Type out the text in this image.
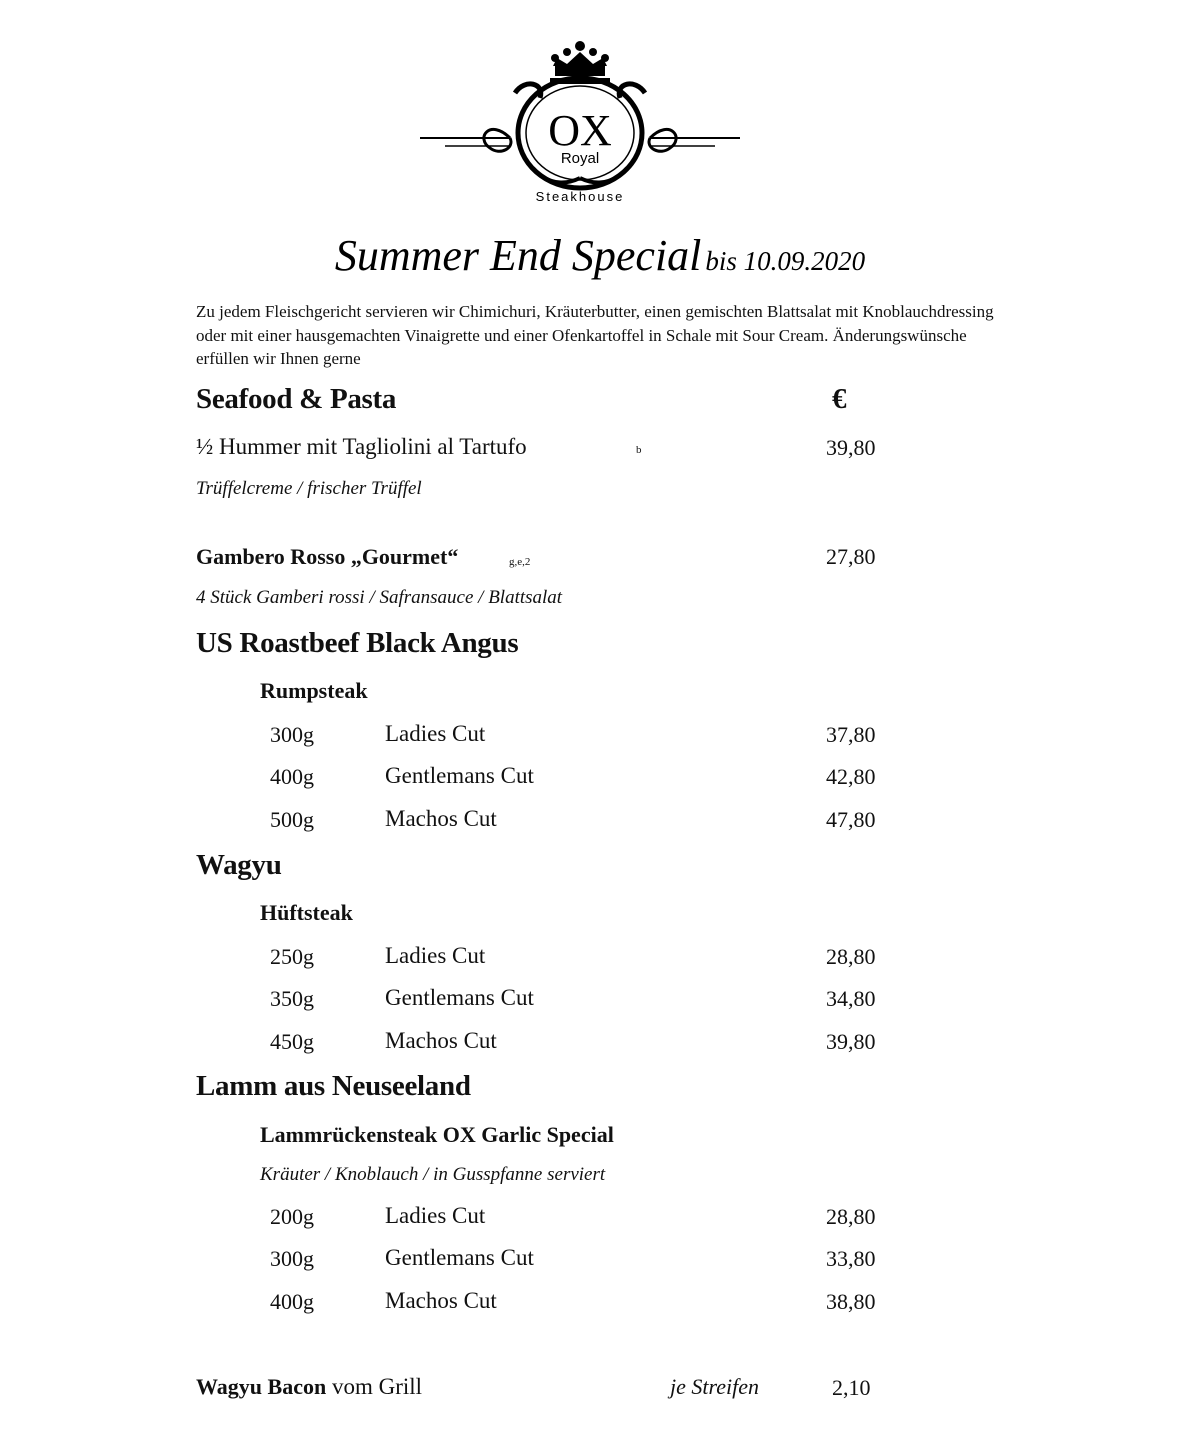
OX
Royal
Steakhouse
Summer End Special bis 10.09.2020
Zu jedem Fleischgericht servieren wir Chimichuri, Kräuterbutter, einen gemischten Blattsalat mit Knoblauchdressing oder mit einer hausgemachten Vinaigrette und einer Ofenkartoffel in Schale mit Sour Cream. Änderungswünsche erfüllen wir Ihnen gerne
Seafood & Pasta	€
½ Hummer mit Tagliolini al Tartufo	b	39,80
Trüffelcreme / frischer Trüffel
Gambero Rosso „Gourmet“	g,e,2	27,80
4 Stück Gamberi rossi / Safransauce / Blattsalat
US Roastbeef Black Angus
Rumpsteak
300g	Ladies Cut	37,80
400g	Gentlemans Cut	42,80
500g	Machos Cut	47,80
Wagyu
Hüftsteak
250g	Ladies Cut	28,80
350g	Gentlemans Cut	34,80
450g	Machos Cut	39,80
Lamm aus Neuseeland
Lammrückensteak OX Garlic Special
Kräuter / Knoblauch / in Gusspfanne serviert
200g	Ladies Cut	28,80
300g	Gentlemans Cut	33,80
400g	Machos Cut	38,80
Wagyu Bacon vom Grill	je Streifen	2,10
